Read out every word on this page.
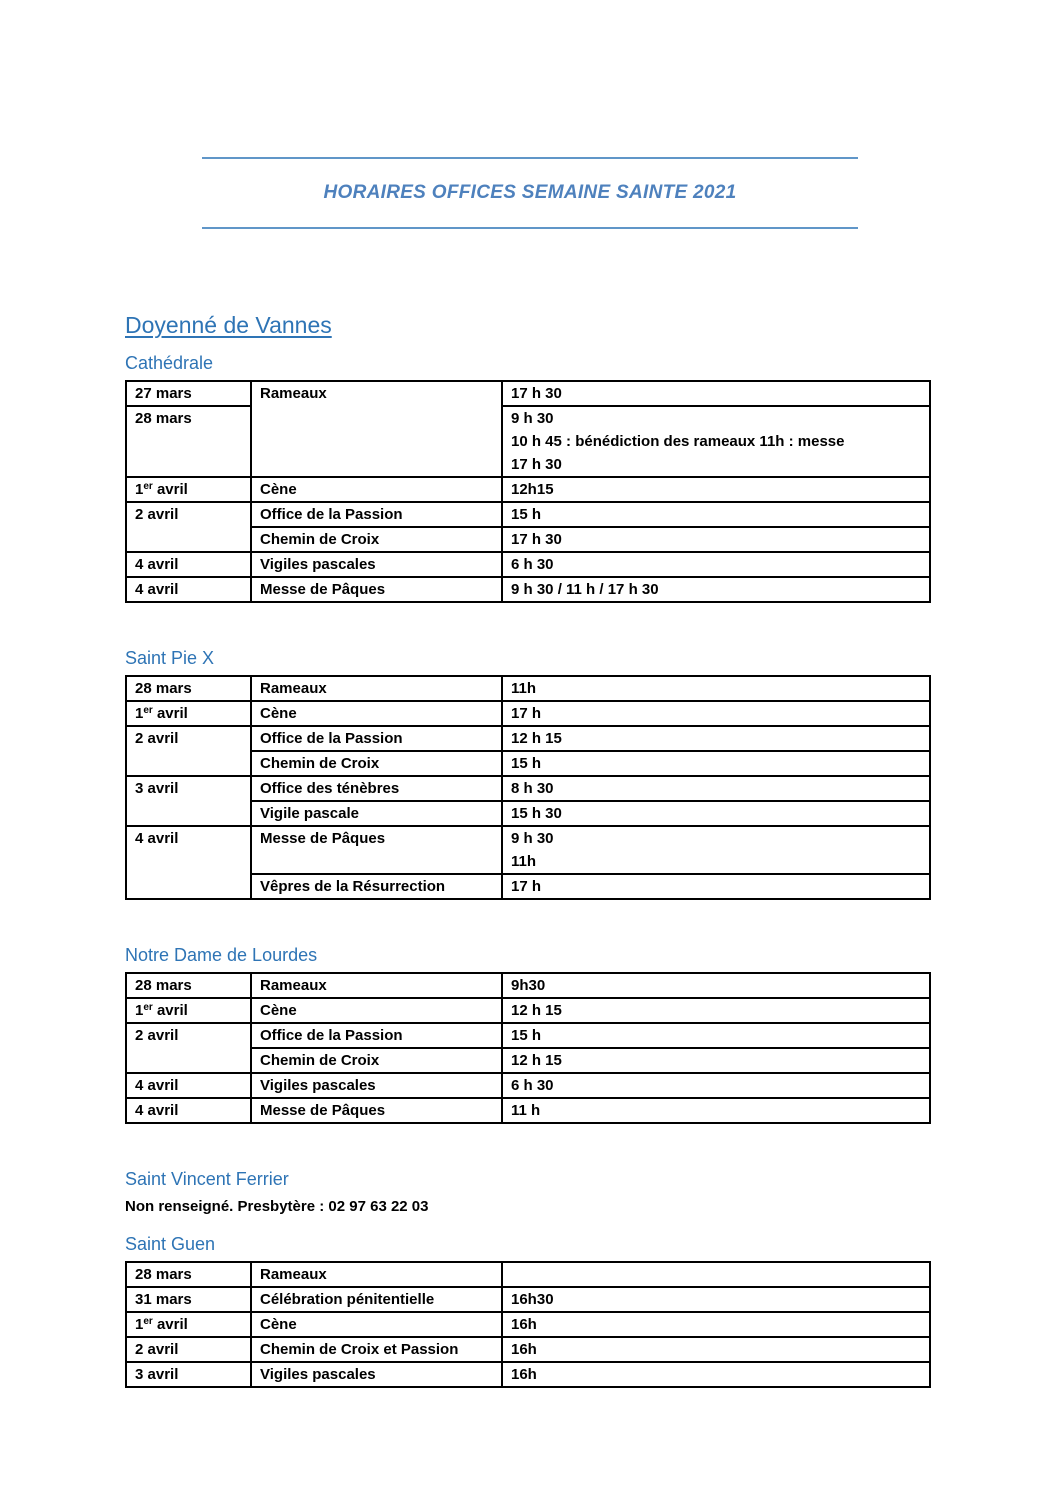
HORAIRES OFFICES SEMAINE SAINTE 2021
Doyenné de Vannes
Cathédrale
27 mars	Rameaux	17 h 30
28 mars		9 h 30
10 h 45 : bénédiction des rameaux 11h : messe
17 h 30

1er avril	Cène	12h15
2 avril	Office de la Passion	15 h
	Chemin de Croix	17 h 30
4 avril	Vigiles pascales	6 h 30
4 avril	Messe de Pâques	9 h 30 / 11 h / 17 h 30
Saint Pie X
28 mars	Rameaux	11h
1er avril	Cène	17 h
2 avril	Office de la Passion	12 h 15
	Chemin de Croix	15 h
3 avril	Office des ténèbres	8 h 30
	Vigile pascale	15 h 30
4 avril	Messe de Pâques	9 h 30
11h

	Vêpres de la Résurrection	17 h
Notre Dame de Lourdes
28 mars	Rameaux	9h30
1er avril	Cène	12 h 15
2 avril	Office de la Passion	15 h
	Chemin de Croix	12 h 15
4 avril	Vigiles pascales	6 h 30
4 avril	Messe de Pâques	11 h
Saint Vincent Ferrier

Non renseigné. Presbytère : 02 97 63 22 03

Saint Guen
28 mars	Rameaux	
31 mars	Célébration pénitentielle	16h30
1er avril	Cène	16h
2 avril	Chemin de Croix et Passion	16h
3 avril	Vigiles pascales	16h
